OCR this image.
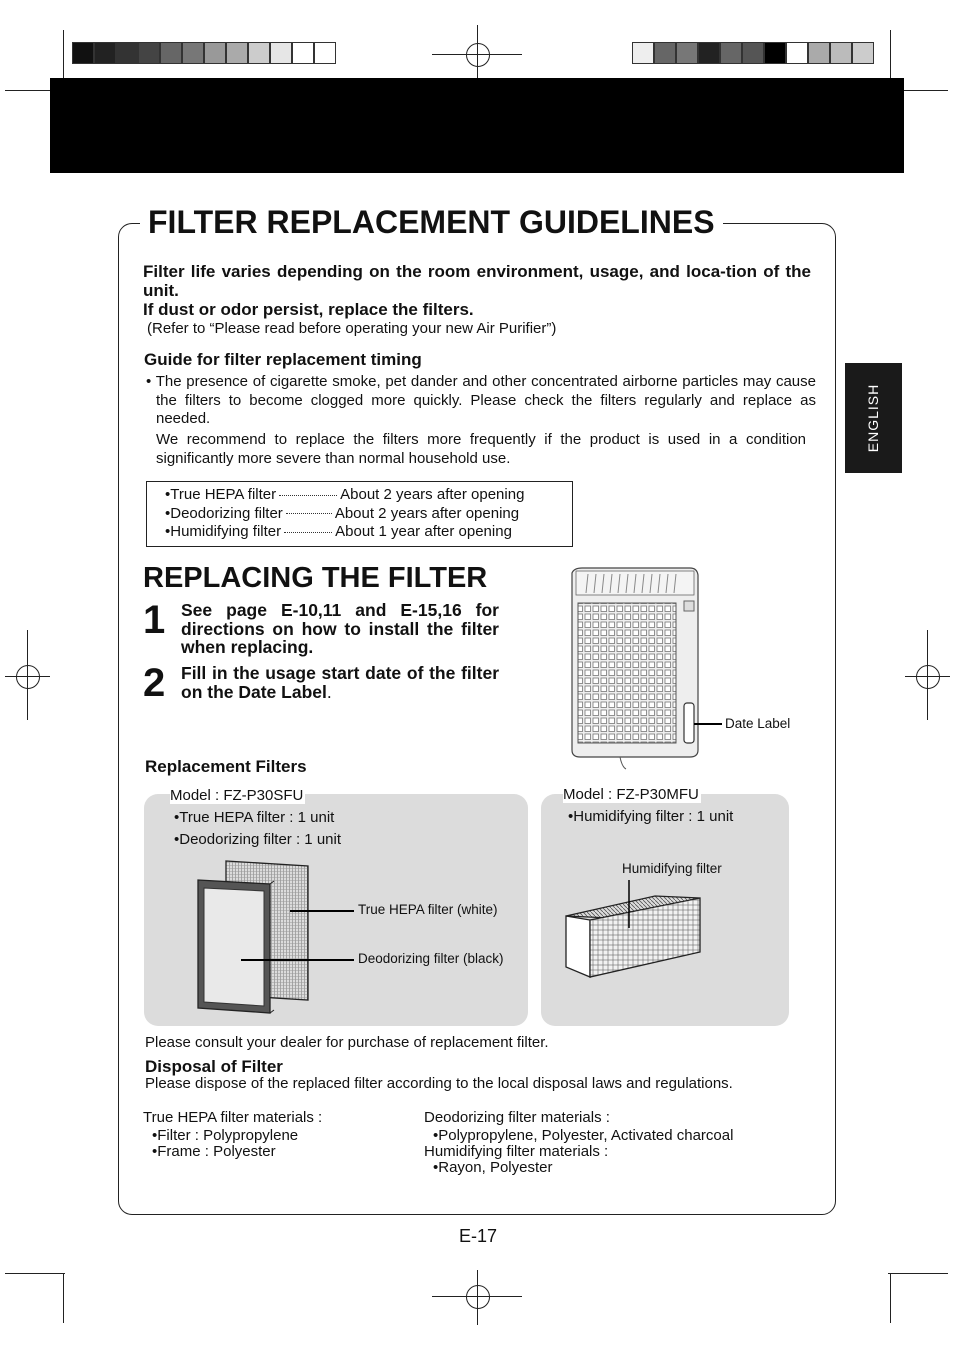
ENGLISH
FILTER REPLACEMENT GUIDELINES
Filter life varies depending on the room environment, usage, and loca-tion of the unit.
If dust or odor persist, replace the filters.
(Refer to “Please read before operating your new Air Purifier”)
Guide for filter replacement timing
• The presence of cigarette smoke, pet dander and other concentrated airborne particles may cause the filters to become clogged more quickly. Please check the filters regularly and replace as needed.
We recommend to replace the filters more frequently if the product is used in a condition significantly more severe than normal household use.
•True HEPA filter	About 2 years after opening
•Deodorizing filter	About 2 years after opening
•Humidifying filter	About 1 year after opening
REPLACING THE FILTER
1 See page E-10,11 and E-15,16 for directions on how to install the filter when replacing.
2 Fill in the usage start date of the filter on the Date Label.
Date Label
Replacement Filters
Model : FZ-P30SFU
•True HEPA filter : 1 unit
•Deodorizing filter : 1 unit
Model : FZ-P30MFU
•Humidifying filter : 1 unit
True HEPA filter (white)
Deodorizing filter (black)
Humidifying filter
Please consult your dealer for purchase of replacement filter.
Disposal of Filter
Please dispose of the replaced filter according to the local disposal laws and regulations.
True HEPA filter materials :
•Filter : Polypropylene
•Frame : Polyester
Deodorizing filter materials :
•Polypropylene, Polyester, Activated charcoal
Humidifying filter materials :
•Rayon, Polyester
E-17
